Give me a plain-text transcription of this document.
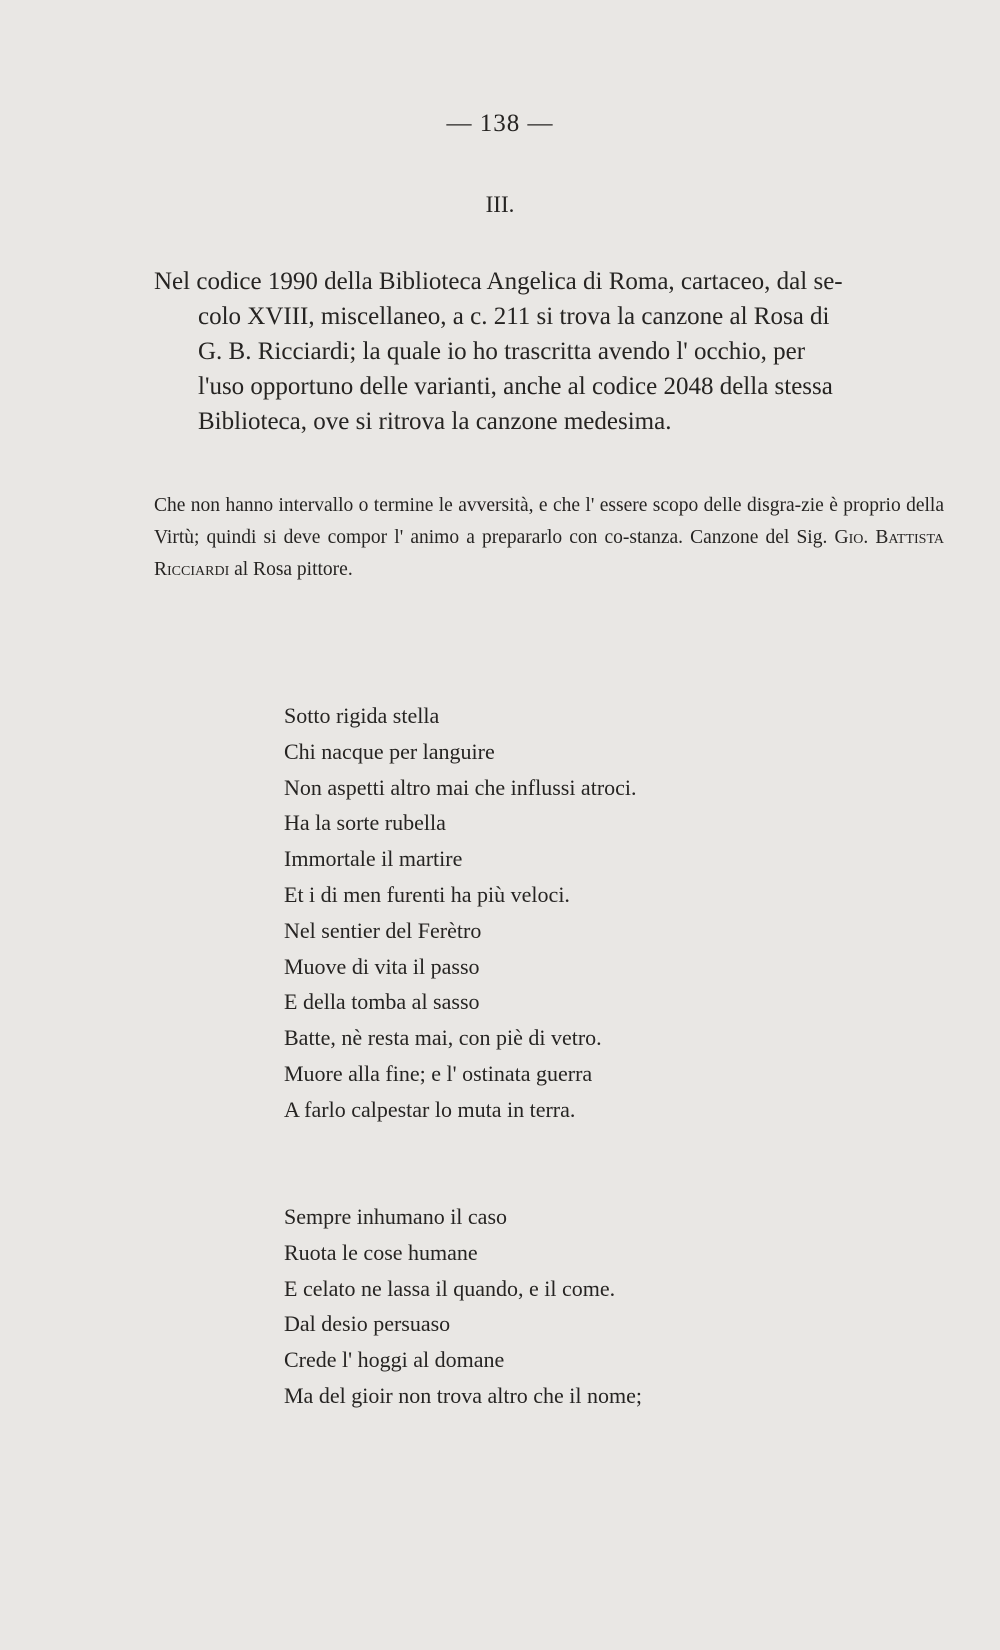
— 138 —
III.

Nel codice 1990 della Biblioteca Angelica di Roma, cartaceo, dal se-

colo XVIII, miscellaneo, a c. 211 si trova la canzone al Rosa di

G. B. Ricciardi; la quale io ho trascritta avendo l' occhio, per

l'uso opportuno delle varianti, anche al codice 2048 della stessa

Biblioteca, ove si ritrova la canzone medesima.

Che non hanno intervallo o termine le avversità, e che l' essere scopo delle disgra-zie è proprio della Virtù; quindi si deve compor l' animo a prepararlo con co-stanza. Canzone del Sig. Gio. Battista Ricciardi al Rosa pittore.
Sotto rigida stella
Chi nacque per languire
Non aspetti altro mai che influssi atroci.
Ha la sorte rubella
Immortale il martire
Et i di men furenti ha più veloci.
Nel sentier del Ferètro
Muove di vita il passo
E della tomba al sasso
Batte, nè resta mai, con piè di vetro.
Muore alla fine; e l' ostinata guerra
A farlo calpestar lo muta in terra.
Sempre inhumano il caso
Ruota le cose humane
E celato ne lassa il quando, e il come.
Dal desio persuaso
Crede l' hoggi al domane
Ma del gioir non trova altro che il nome;
